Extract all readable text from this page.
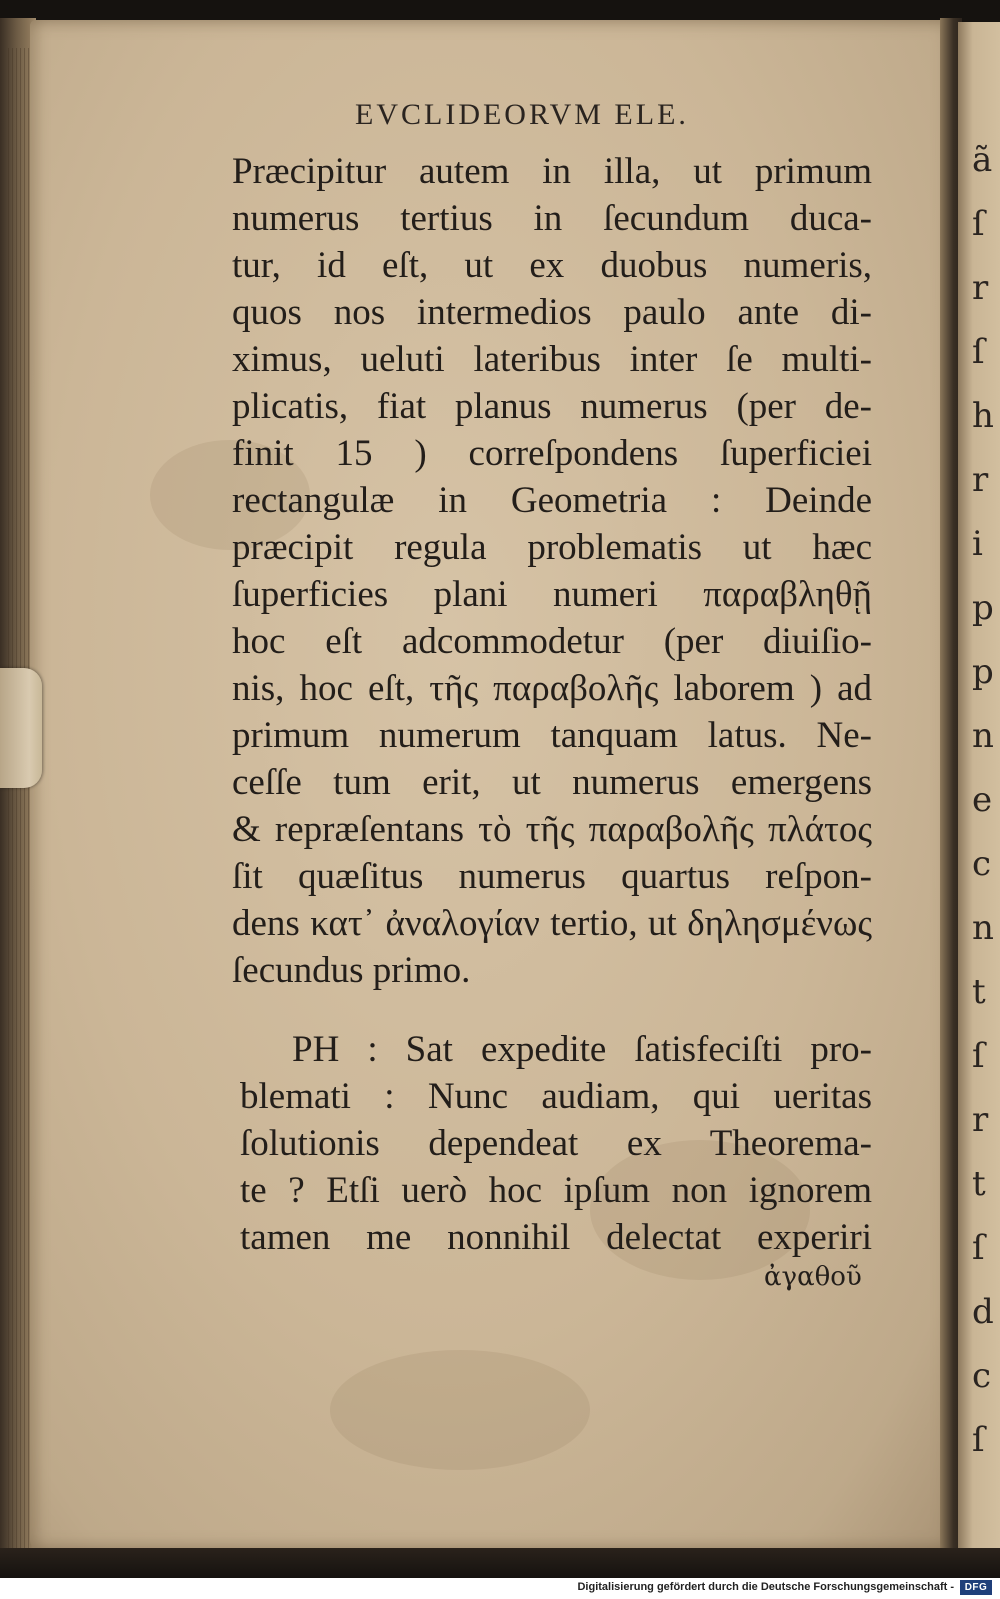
ã
ſ
r
ſ
h
r
i
p
p
n
e
c
n
t
ſ
r
t
ſ
d
c
ſ
EVCLIDEORVM ELE.
Præcipitur autem in illa, ut primum
numerus tertius in ſecundum duca-
tur, id eſt, ut ex duobus numeris,
quos nos intermedios paulo ante di-
ximus, ueluti lateribus inter ſe multi-
plicatis, fiat planus numerus (per de-
finit 15 ) correſpondens ſuperficiei
rectangulæ in Geometria : Deinde
præcipit regula problematis ut hæc
ſuperficies plani numeri παραβληθῇ
hoc eſt adcommodetur (per diuiſio-
nis, hoc eſt, τῆς παραβολῆς laborem ) ad
primum numerum tanquam latus. Ne-
ceſſe tum erit, ut numerus emergens
& repræſentans τὸ τῆς παραβολῆς πλάτος
ſit quæſitus numerus quartus reſpon-
dens κατ᾽ ἀναλογίαν tertio, ut δηλησμένως
ſecundus primo.
PH : Sat expedite ſatisfeciſti pro-
blemati : Nunc audiam, qui ueritas
ſolutionis dependeat ex Theorema-
te ? Etſi uerò hoc ipſum non ignorem
tamen me nonnihil delectat experiri
ἀγαθοῦ
Digitalisierung gefördert durch die Deutsche Forschungsgemeinschaft -	DFG
